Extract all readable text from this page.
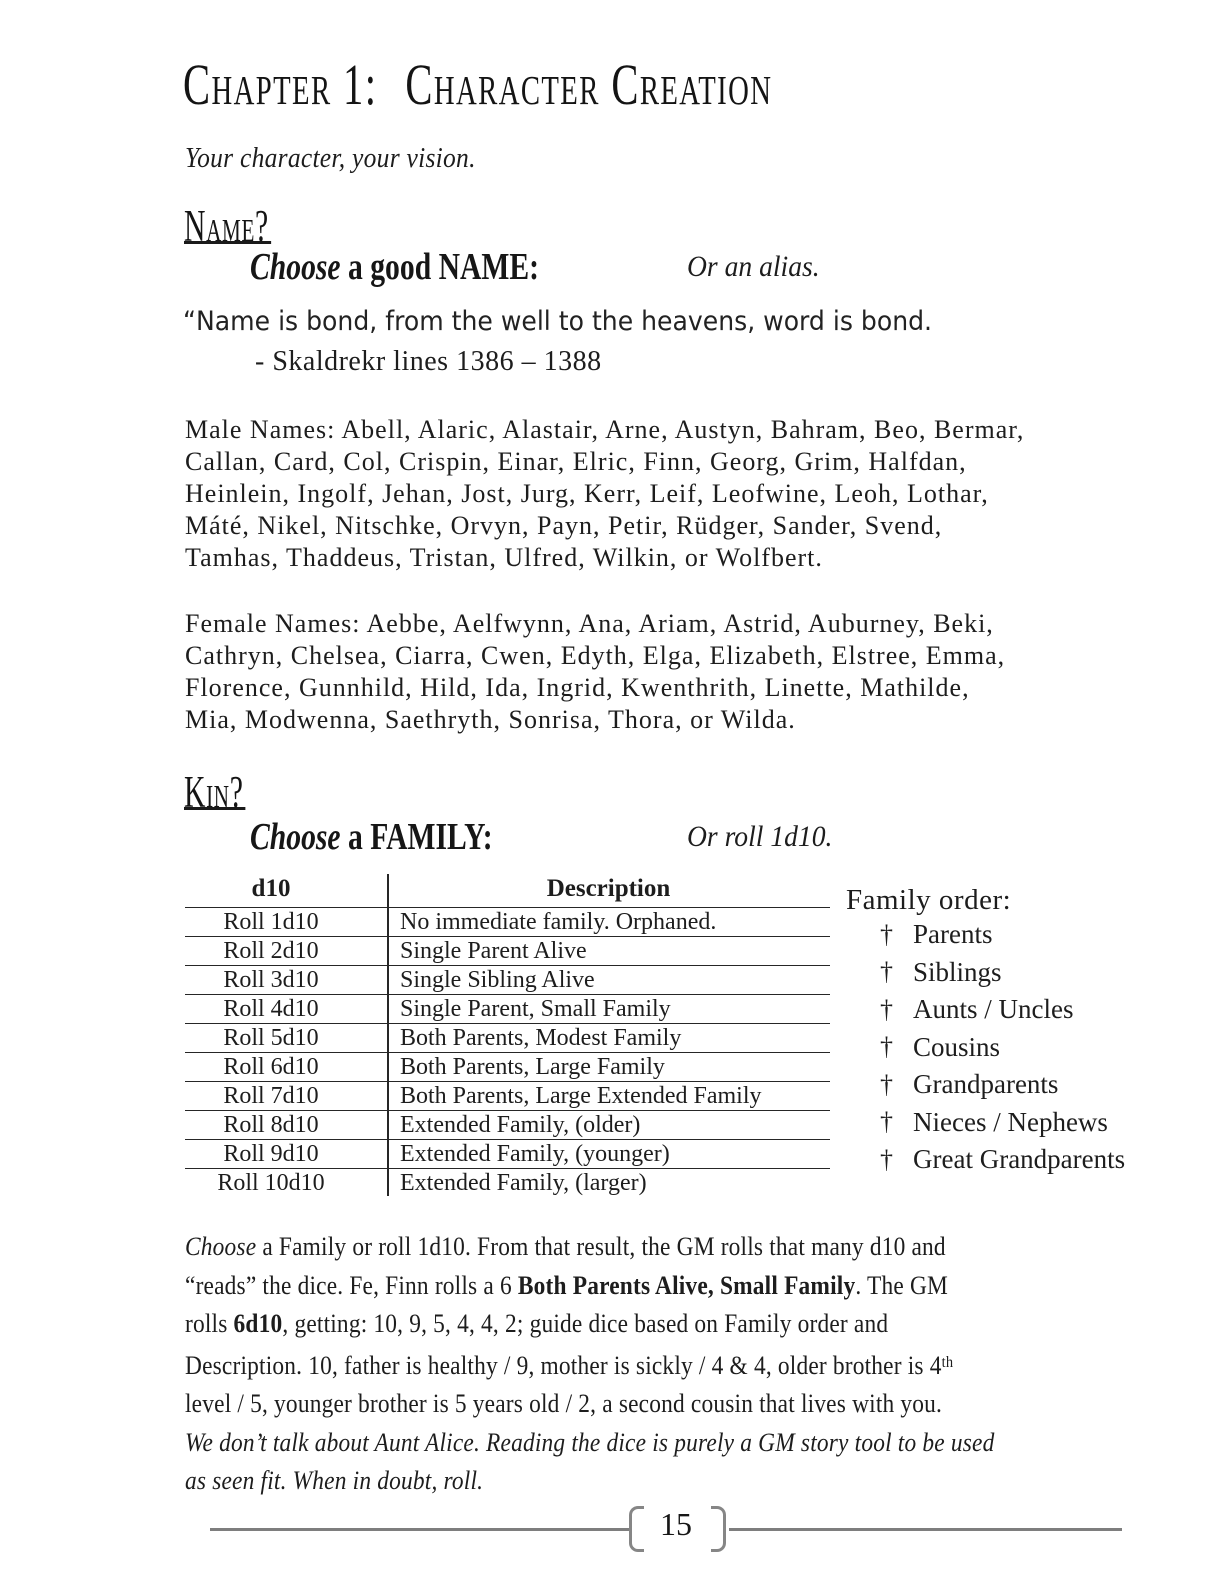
Chapter 1: Character Creation
Your character, your vision.
Name?
Choose a good NAME:	Or an alias.
“Name is bond, from the well to the heavens, word is bond.
- Skaldrekr lines 1386 – 1388
Male Names: Abell, Alaric, Alastair, Arne, Austyn, Bahram, Beo, Bermar,
Callan, Card, Col, Crispin, Einar, Elric, Finn, Georg, Grim, Halfdan,
Heinlein, Ingolf, Jehan, Jost, Jurg, Kerr, Leif, Leofwine, Leoh, Lothar,
Máté, Nikel, Nitschke, Orvyn, Payn, Petir, Rüdger, Sander, Svend,
Tamhas, Thaddeus, Tristan, Ulfred, Wilkin, or Wolfbert.
Female Names: Aebbe, Aelfwynn, Ana, Ariam, Astrid, Auburney, Beki,
Cathryn, Chelsea, Ciarra, Cwen, Edyth, Elga, Elizabeth, Elstree, Emma,
Florence, Gunnhild, Hild, Ida, Ingrid, Kwenthrith, Linette, Mathilde,
Mia, Modwenna, Saethryth, Sonrisa, Thora, or Wilda.
Kin?
Choose a FAMILY:	Or roll 1d10.
d10	Description
Roll 1d10	No immediate family. Orphaned.
Roll 2d10	Single Parent Alive
Roll 3d10	Single Sibling Alive
Roll 4d10	Single Parent, Small Family
Roll 5d10	Both Parents, Modest Family
Roll 6d10	Both Parents, Large Family
Roll 7d10	Both Parents, Large Extended Family
Roll 8d10	Extended Family, (older)
Roll 9d10	Extended Family, (younger)
Roll 10d10	Extended Family, (larger)
Family order:
† Parents
† Siblings
† Aunts / Uncles
† Cousins
† Grandparents
† Nieces / Nephews
† Great Grandparents
Choose a Family or roll 1d10. From that result, the GM rolls that many d10 and
“reads” the dice. Fe, Finn rolls a 6 Both Parents Alive, Small Family. The GM
rolls 6d10, getting: 10, 9, 5, 4, 4, 2; guide dice based on Family order and
Description. 10, father is healthy / 9, mother is sickly / 4 & 4, older brother is 4th
level / 5, younger brother is 5 years old / 2, a second cousin that lives with you.
We don’t talk about Aunt Alice. Reading the dice is purely a GM story tool to be used
as seen fit. When in doubt, roll.
15
